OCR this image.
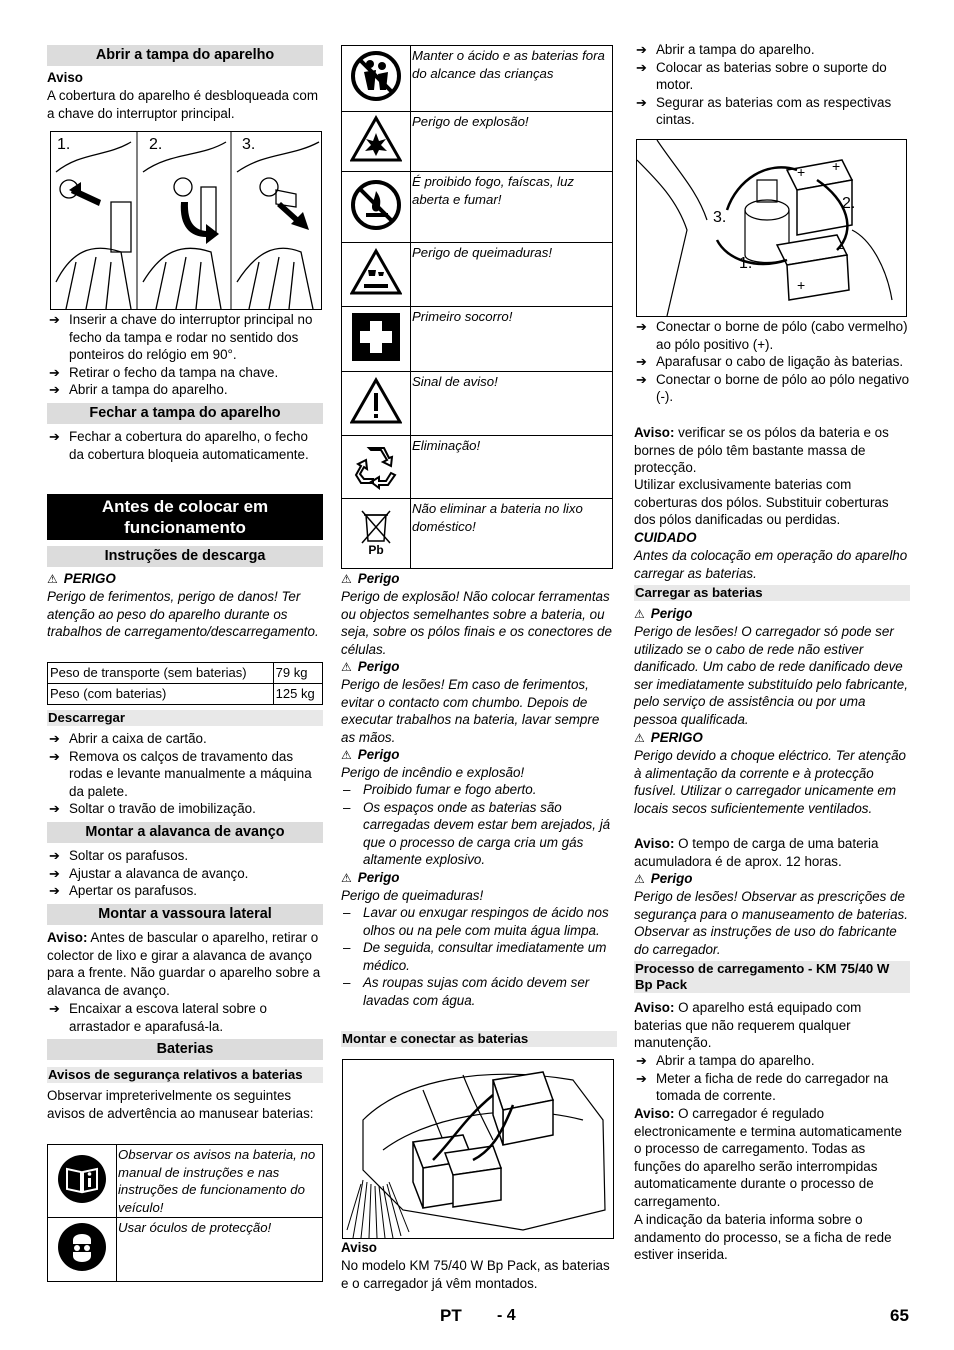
Abrir a tampa do aparelho

Aviso

A cobertura do aparelho é desbloqueada com a chave do interruptor principal.

1.	2.	3.

➔ Inserir a chave do interruptor principal no fecho da tampa e rodar no sentido dos ponteiros do relógio em 90°.

➔ Retirar o fecho da tampa na chave.

➔ Abrir a tampa do aparelho.

Fechar a tampa do aparelho

➔ Fechar a cobertura do aparelho, o fecho da cobertura bloqueia automaticamente.

Antes de colocar em funcionamento
Instruções de descarga

⚠ PERIGO

Perigo de ferimentos, perigo de danos! Ter atenção ao peso do aparelho durante os trabalhos de carregamento/descarregamento.

Peso de transporte (sem baterias)	79 kg
Peso (com baterias)	125 kg
Descarregar

➔ Abrir a caixa de cartão.

➔ Remova os calços de travamento das rodas e levante manualmente a máquina da palete.

➔ Soltar o travão de imobilização.

Montar a alavanca de avanço

➔ Soltar os parafusos.

➔ Ajustar a alavanca de avanço.

➔ Apertar os parafusos.

Montar a vassoura lateral

Aviso: Antes de bascular o aparelho, retirar o colector de lixo e girar a alavanca de avanço para a frente. Não guardar o aparelho sobre a alavanca de avanço.

➔ Encaixar a escova lateral sobre o arrastador e aparafusá-la.

Baterias
Avisos de segurança relativos a baterias

Observar impreterivelmente os seguintes avisos de advertência ao manusear baterias:

	Observar os avisos na bateria, no manual de instruções e nas instruções de funcionamento do veículo!
	Usar óculos de protecção!
	Manter o ácido e as baterias fora do alcance das crianças
	Perigo de explosão!
	É proibido fogo, faíscas, luz aberta e fumar!
	Perigo de queimaduras!
	Primeiro socorro!
	Sinal de aviso!
	Eliminação!

Pb	Não eliminar a bateria no lixo doméstico!

⚠ Perigo

Perigo de explosão! Não colocar ferramentas ou objectos semelhantes sobre a bateria, ou seja, sobre os pólos finais e os conectores de células.

⚠ Perigo

Perigo de lesões! Em caso de ferimentos, evitar o contacto com chumbo. Depois de executar trabalhos na bateria, lavar sempre as mãos.

⚠ Perigo

Perigo de incêndio e explosão!

– Proibido fumar e fogo aberto.

– Os espaços onde as baterias são carregadas devem estar bem arejados, já que o processo de carga cria um gás altamente explosivo.

⚠ Perigo

Perigo de queimaduras!

– Lavar ou enxugar respingos de ácido nos olhos ou na pele com muita água limpa.

– De seguida, consultar imediatamente um médico.

– As roupas sujas com ácido devem ser lavadas com água.

Montar e conectar as baterias

Aviso

No modelo KM 75/40 W Bp Pack, as baterias e o carregador já vêm montados.

➔ Abrir a tampa do aparelho.

➔ Colocar as baterias sobre o suporte do motor.

➔ Segurar as baterias com as respectivas cintas.

+ +
−
+
1.
2.
3.

➔ Conectar o borne de pólo (cabo vermelho) ao pólo positivo (+).

➔ Aparafusar o cabo de ligação às baterias.

➔ Conectar o borne de pólo ao pólo negativo (-).

Aviso: verificar se os pólos da bateria e os bornes de pólo têm bastante massa de protecção.

Utilizar exclusivamente baterias com coberturas dos pólos. Substituir coberturas dos pólos danificadas ou perdidas.

CUIDADO

Antes da colocação em operação do aparelho carregar as baterias.

Carregar as baterias

⚠ Perigo

Perigo de lesões! O carregador só pode ser utilizado se o cabo de rede não estiver danificado. Um cabo de rede danificado deve ser imediatamente substituído pelo fabricante, pelo serviço de assistência ou por uma pessoa qualificada.

⚠ PERIGO

Perigo devido a choque eléctrico. Ter atenção à alimentação da corrente e à protecção fusível. Utilizar o carregador unicamente em locais secos suficientemente ventilados.

Aviso: O tempo de carga de uma bateria acumuladora é de aprox. 12 horas.

⚠ Perigo

Perigo de lesões! Observar as prescrições de segurança para o manuseamento de baterias. Observar as instruções de uso do fabricante do carregador.

Processo de carregamento - KM 75/40 W Bp Pack

Aviso: O aparelho está equipado com baterias que não requerem qualquer manutenção.

➔ Abrir a tampa do aparelho.

➔ Meter a ficha de rede do carregador na tomada de corrente.

Aviso: O carregador é regulado electronicamente e termina automaticamente o processo de carregamento. Todas as funções do aparelho serão interrompidas automaticamente durante o processo de carregamento.

A indicação da bateria informa sobre o andamento do processo, se a ficha de rede estiver inserida.

PT - 4	65
